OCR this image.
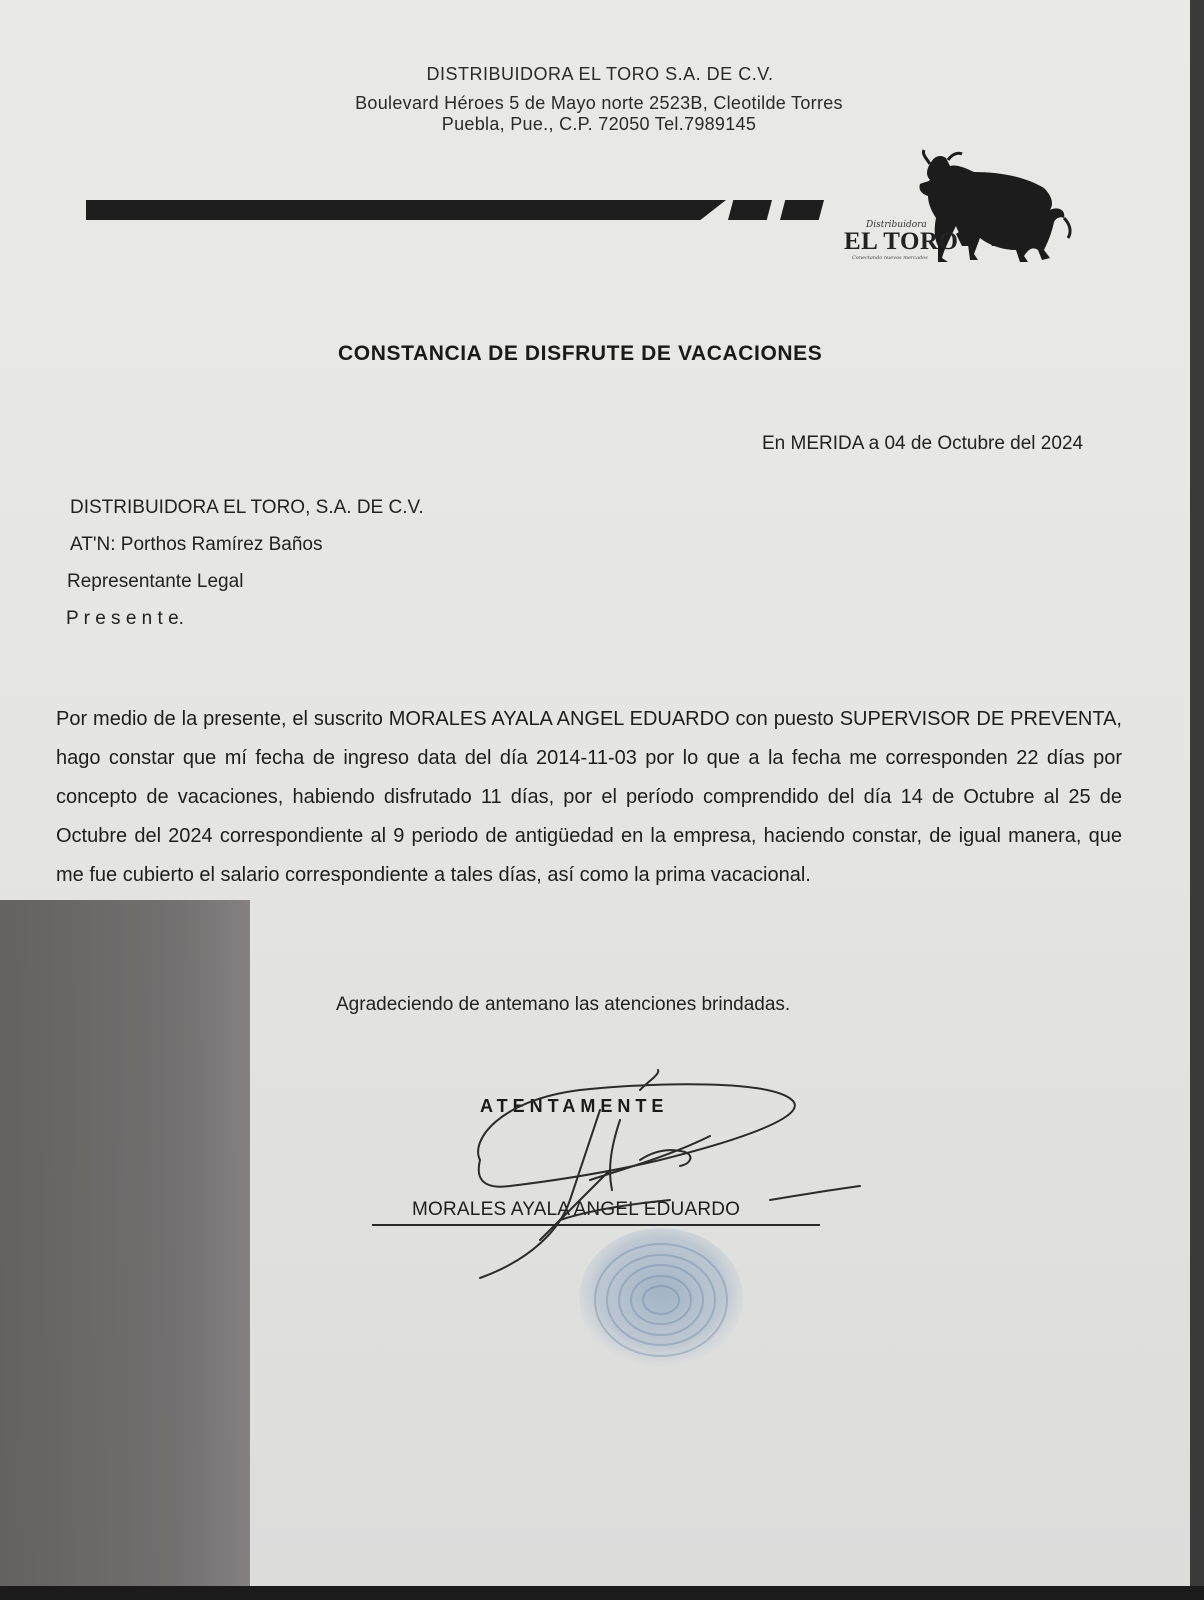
DISTRIBUIDORA EL TORO S.A. DE C.V.
Boulevard Héroes 5 de Mayo norte 2523B, Cleotilde Torres
Puebla, Pue., C.P. 72050 Tel.7989145
Distribuidora
EL TORO
Conectando nuevos mercados
CONSTANCIA DE DISFRUTE DE VACACIONES
En MERIDA a 04 de Octubre del 2024
DISTRIBUIDORA EL TORO, S.A. DE C.V.
AT'N: Porthos Ramírez Baños
Representante Legal
P r e s e n t e.
Por medio de la presente, el suscrito MORALES AYALA ANGEL EDUARDO con puesto SUPERVISOR DE PREVENTA, hago constar que mí fecha de ingreso data del día 2014-11-03 por lo que a la fecha me corresponden 22 días por concepto de vacaciones, habiendo disfrutado 11 días, por el período comprendido del día 14 de Octubre al 25 de Octubre del 2024 correspondiente al 9 periodo de antigüedad en la empresa, haciendo constar, de igual manera, que me fue cubierto el salario correspondiente a tales días, así como la prima vacacional.
Agradeciendo de antemano las atenciones brindadas.
ATENTAMENTE
MORALES AYALA ANGEL EDUARDO
